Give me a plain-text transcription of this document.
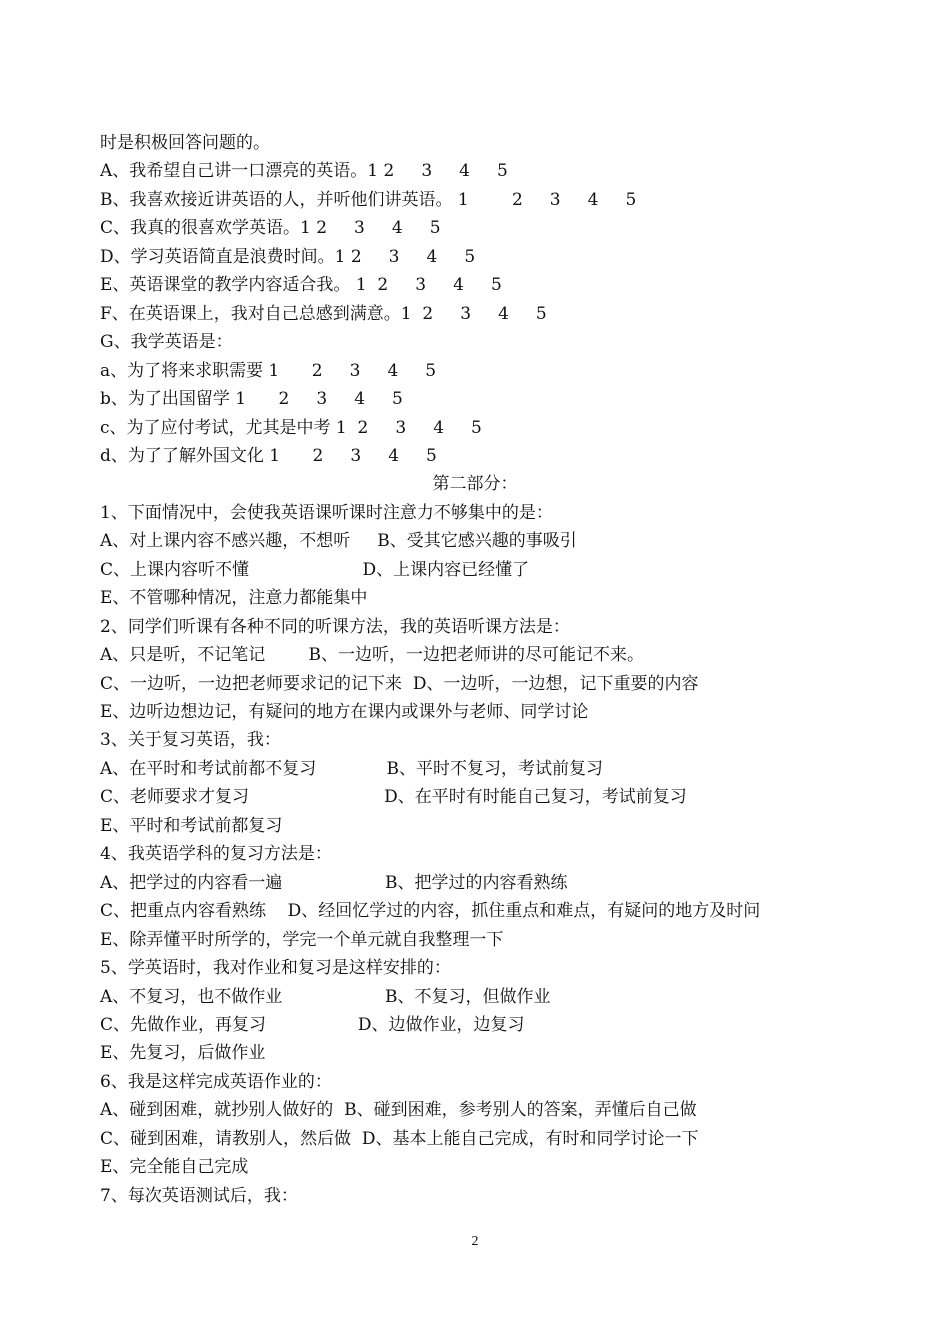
时是积极回答问题的。
A、我希望自己讲一口漂亮的英语。1 2     3     4     5
B、我喜欢接近讲英语的人，并听他们讲英语。 1        2     3     4     5
C、我真的很喜欢学英语。1 2     3     4     5
D、学习英语简直是浪费时间。1 2     3     4     5
E、英语课堂的教学内容适合我。 1  2     3     4     5
F、在英语课上，我对自己总感到满意。1  2     3     4     5
G、我学英语是：
a、为了将来求职需要 1      2     3     4     5
b、为了出国留学 1      2     3     4     5
c、为了应付考试，尤其是中考 1  2     3     4     5
d、为了了解外国文化 1      2     3     4     5
第二部分：
1、下面情况中，会使我英语课听课时注意力不够集中的是：
A、对上课内容不感兴趣，不想听     B、受其它感兴趣的事吸引
C、上课内容听不懂                     D、上课内容已经懂了
E、不管哪种情况，注意力都能集中
2、同学们听课有各种不同的听课方法，我的英语听课方法是：
A、只是听，不记笔记        B、一边听，一边把老师讲的尽可能记不来。
C、一边听，一边把老师要求记的记下来  D、一边听，一边想，记下重要的内容
E、边听边想边记，有疑问的地方在课内或课外与老师、同学讨论
3、关于复习英语，我：
A、在平时和考试前都不复习             B、平时不复习，考试前复习
C、老师要求才复习                         D、在平时有时能自己复习，考试前复习
E、平时和考试前都复习
4、我英语学科的复习方法是：
A、把学过的内容看一遍                   B、把学过的内容看熟练
C、把重点内容看熟练    D、经回忆学过的内容，抓住重点和难点，有疑问的地方及时问
E、除弄懂平时所学的，学完一个单元就自我整理一下
5、学英语时，我对作业和复习是这样安排的：
A、不复习，也不做作业                   B、不复习，但做作业
C、先做作业，再复习                 D、边做作业，边复习
E、先复习，后做作业
6、我是这样完成英语作业的：
A、碰到困难，就抄别人做好的  B、碰到困难，参考别人的答案，弄懂后自己做
C、碰到困难，请教别人，然后做  D、基本上能自己完成，有时和同学讨论一下
E、完全能自己完成
7、每次英语测试后，我：
2
